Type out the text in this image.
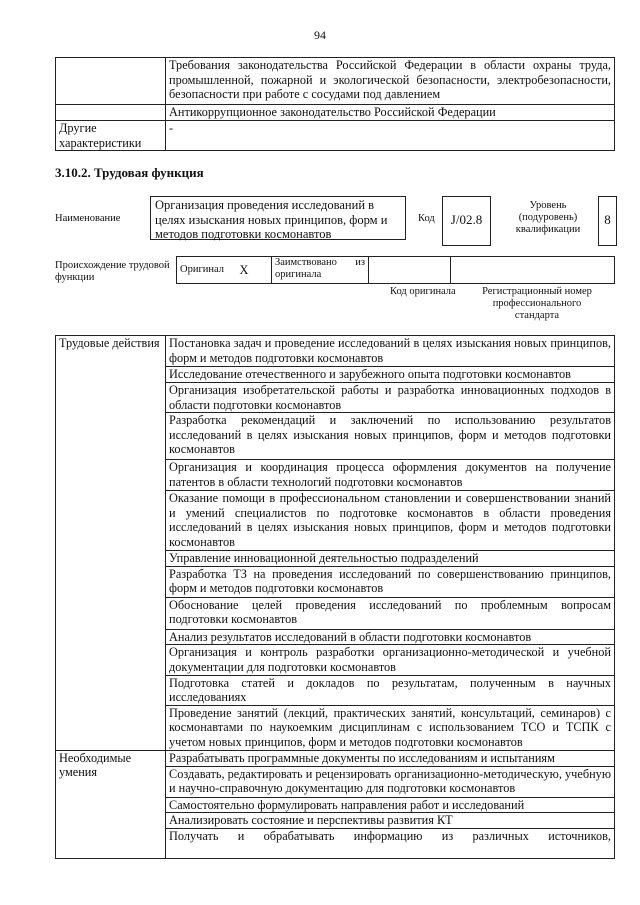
94
	Требования законодательства Российской Федерации в области охраны труда, промышленной, пожарной и экологической безопасности, электробезопасности, безопасности при работе с сосудами под давлением
	Антикоррупционное законодательство Российской Федерации
Другие характеристики	-
3.10.2. Трудовая функция
Наименование
Организация проведения исследований в целях изыскания новых принципов, форм и методов подготовки космонавтов
Код	J/02.8
Уровень (подуровень) квалификации
8
Происхождение трудовой функции
Оригинал	X	Заимствовано из оригинала		
Код оригинала	Регистрационный номер профессионального стандарта
Трудовые действия	Постановка задач и проведение исследований в целях изыскания новых принципов, форм и методов подготовки космонавтов
	Исследование отечественного и зарубежного опыта подготовки космонавтов
	Организация изобретательской работы и разработка инновационных подходов в области подготовки космонавтов
	Разработка рекомендаций и заключений по использованию результатов исследований в целях изыскания новых принципов, форм и методов подготовки космонавтов
	Организация и координация процесса оформления документов на получение патентов в области технологий подготовки космонавтов
	Оказание помощи в профессиональном становлении и совершенствовании знаний и умений специалистов по подготовке космонавтов в области проведения исследований в целях изыскания новых принципов, форм и методов подготовки космонавтов
	Управление инновационной деятельностью подразделений
	Разработка ТЗ на проведения исследований по совершенствованию принципов, форм и методов подготовки космонавтов
	Обоснование целей проведения исследований по проблемным вопросам подготовки космонавтов
	Анализ результатов исследований в области подготовки космонавтов
	Организация и контроль разработки организационно-методической и учебной документации для подготовки космонавтов
	Подготовка статей и докладов по результатам, полученным в научных исследованиях
	Проведение занятий (лекций, практических занятий, консультаций, семинаров) с космонавтами по наукоемким дисциплинам с использованием ТСО и ТСПК с учетом новых принципов, форм и методов подготовки космонавтов
Необходимые умения	Разрабатывать программные документы по исследованиям и испытаниям
	Создавать, редактировать и рецензировать организационно-методическую, учебную и научно-справочную документацию для подготовки космонавтов
	Самостоятельно формулировать направления работ и исследований
	Анализировать состояние и перспективы развития КТ
	Получать и обрабатывать информацию из различных источников,
